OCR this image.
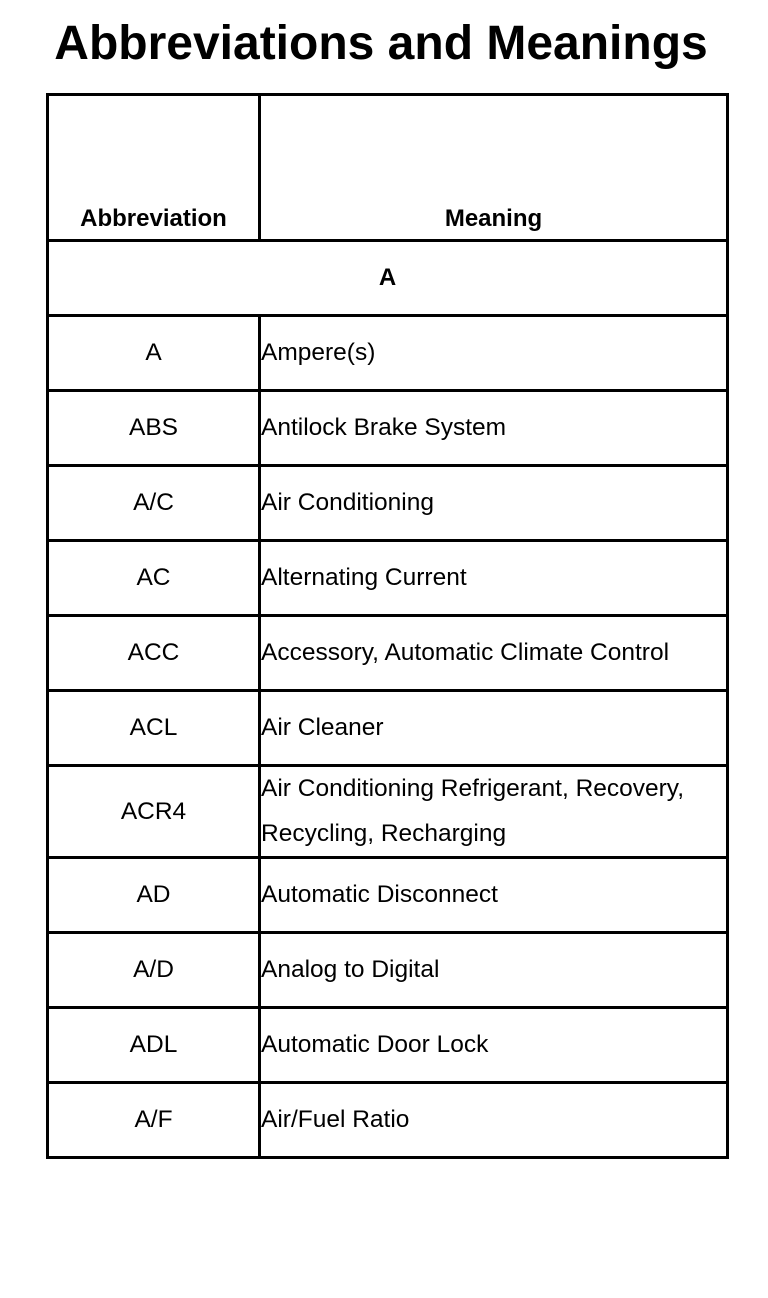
Abbreviations and Meanings
Abbreviation	Meaning
A	
A	Ampere(s)
ABS	Antilock Brake System
A/C	Air Conditioning
AC	Alternating Current
ACC	Accessory, Automatic Climate Control
ACL	Air Cleaner
ACR4	Air Conditioning Refrigerant, Recovery, Recycling, Recharging
AD	Automatic Disconnect
A/D	Analog to Digital
ADL	Automatic Door Lock
A/F	Air/Fuel Ratio
